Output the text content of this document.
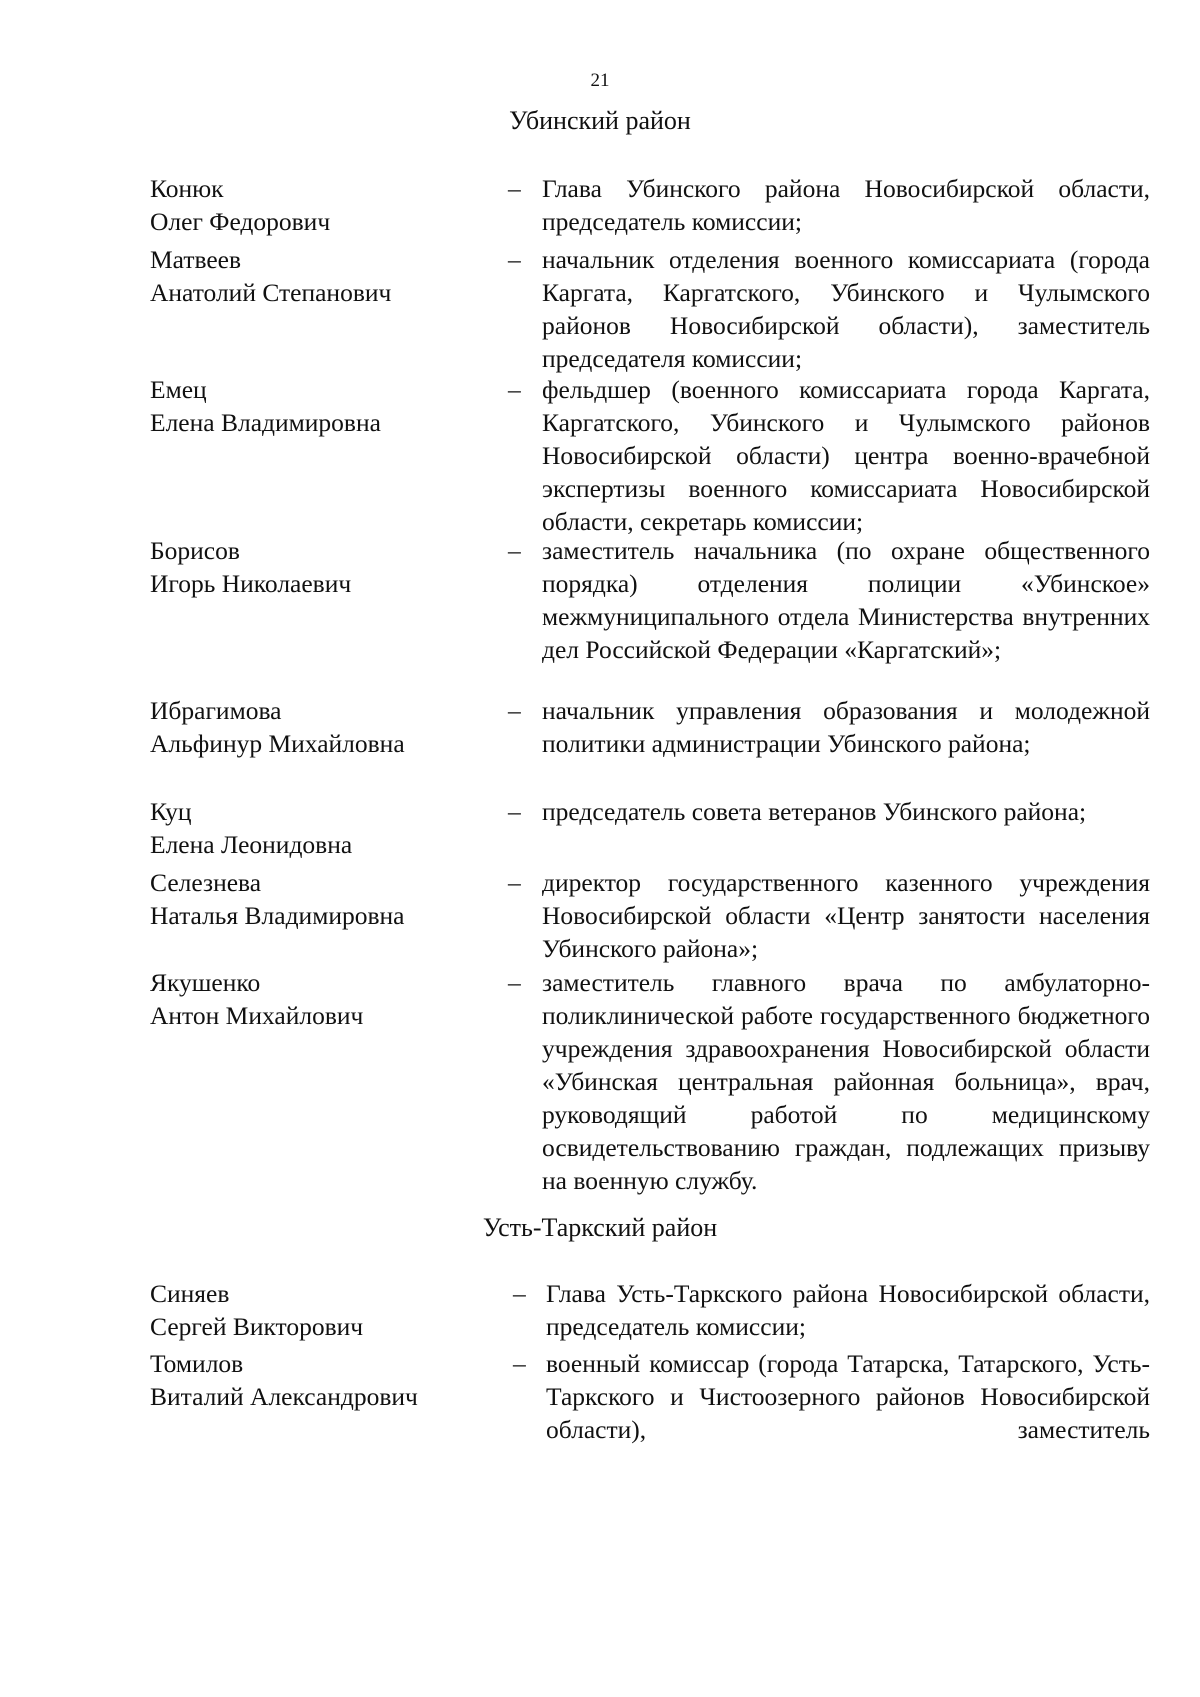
21
Убинский район
Конюк
Олег Федорович
– Глава Убинского района Новосибирской области, председатель комиссии;
Матвеев
Анатолий Степанович
– начальник отделения военного комиссариата (города Каргата, Каргатского, Убинского и Чулымского районов Новосибирской области), заместитель председателя комиссии;
Емец
Елена Владимировна
– фельдшер (военного комиссариата города Каргата, Каргатского, Убинского и Чулымского районов Новосибирской области) центра военно-врачебной экспертизы военного комиссариата Новосибирской области, секретарь комиссии;
Борисов
Игорь Николаевич
– заместитель начальника (по охране общественного порядка) отделения полиции «Убинское» межмуниципального отдела Министерства внутренних дел Российской Федерации «Каргатский»;
Ибрагимова
Альфинур Михайловна
– начальник управления образования и молодежной политики администрации Убинского района;
Куц
Елена Леонидовна
– председатель совета ветеранов Убинского района;
Селезнева
Наталья Владимировна
– директор государственного казенного учреждения Новосибирской области «Центр занятости населения Убинского района»;
Якушенко
Антон Михайлович
– заместитель главного врача по амбулаторно-поликлинической работе государственного бюджетного учреждения здравоохранения Новосибирской области «Убинская центральная районная больница», врач, руководящий работой по медицинскому освидетельствованию граждан, подлежащих призыву на военную службу.
Усть-Таркский район
Синяев
Сергей Викторович
– Глава Усть-Таркского района Новосибирской области, председатель комиссии;
Томилов
Виталий Александрович
– военный комиссар (города Татарска, Татарского, Усть-Таркского и Чистоозерного районов Новосибирской области), заместитель
